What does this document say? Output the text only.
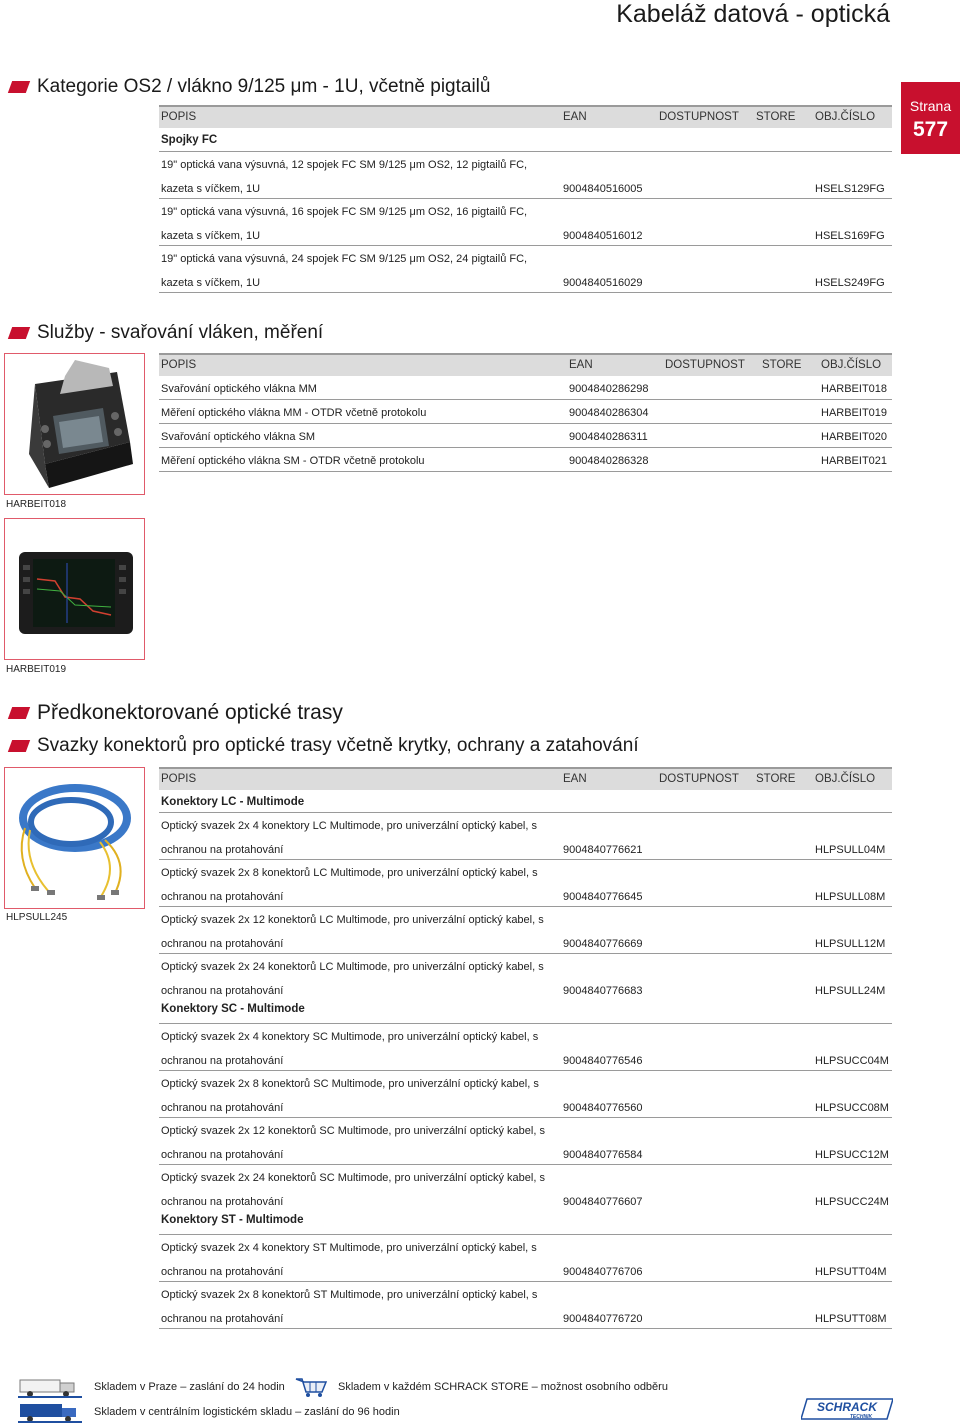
Kabeláž datová - optická
Strana
577
Kategorie OS2 / vlákno 9/125 μm - 1U, včetně pigtailů
POPIS	EAN	DOSTUPNOST STORE OBJ.ČÍSLO
Spojky FC
19" optická vana výsuvná, 12 spojek FC SM 9/125 μm OS2, 12 pigtailů FC,
kazeta s víčkem, 1U	9004840516005	HSELS129FG
19" optická vana výsuvná, 16 spojek FC SM 9/125 μm OS2, 16 pigtailů FC,
kazeta s víčkem, 1U	9004840516012	HSELS169FG
19" optická vana výsuvná, 24 spojek FC SM 9/125 μm OS2, 24 pigtailů FC,
kazeta s víčkem, 1U	9004840516029	HSELS249FG
Služby - svařování vláken, měření
POPIS	EAN	DOSTUPNOST STORE OBJ.ČÍSLO
Svařování optického vlákna MM	9004840286298	HARBEIT018
Měření optického vlákna MM - OTDR včetně protokolu	9004840286304	HARBEIT019
Svařování optického vlákna SM	9004840286311	HARBEIT020
Měření optického vlákna SM - OTDR včetně protokolu	9004840286328	HARBEIT021
HARBEIT018
HARBEIT019
Předkonektorované optické trasy
Svazky konektorů pro optické trasy včetně krytky, ochrany a zatahování
HLPSULL245
POPIS	EAN	DOSTUPNOST STORE OBJ.ČÍSLO
Konektory LC - Multimode
Optický svazek 2x 4 konektory LC Multimode, pro univerzální optický kabel, s
ochranou na protahování	9004840776621	HLPSULL04M
Optický svazek 2x 8 konektorů LC Multimode, pro univerzální optický kabel, s
ochranou na protahování	9004840776645	HLPSULL08M
Optický svazek 2x 12 konektorů LC Multimode, pro univerzální optický kabel, s
ochranou na protahování	9004840776669	HLPSULL12M
Optický svazek 2x 24 konektorů LC Multimode, pro univerzální optický kabel, s
ochranou na protahování	9004840776683	HLPSULL24M
Konektory SC - Multimode
Optický svazek 2x 4 konektory SC Multimode, pro univerzální optický kabel, s
ochranou na protahování	9004840776546	HLPSUCC04M
Optický svazek 2x 8 konektorů SC Multimode, pro univerzální optický kabel, s
ochranou na protahování	9004840776560	HLPSUCC08M
Optický svazek 2x 12 konektorů SC Multimode, pro univerzální optický kabel, s
ochranou na protahování	9004840776584	HLPSUCC12M
Optický svazek 2x 24 konektorů SC Multimode, pro univerzální optický kabel, s
ochranou na protahování	9004840776607	HLPSUCC24M
Konektory ST - Multimode
Optický svazek 2x 4 konektory ST Multimode, pro univerzální optický kabel, s
ochranou na protahování	9004840776706	HLPSUTT04M
Optický svazek 2x 8 konektorů ST Multimode, pro univerzální optický kabel, s
ochranou na protahování	9004840776720	HLPSUTT08M
Skladem v Praze – zaslání do 24 hodin	Skladem v každém SCHRACK STORE – možnost osobního odběru
Skladem v centrálním logistickém skladu – zaslání do 96 hodin	SCHRACK
TECHNIK
